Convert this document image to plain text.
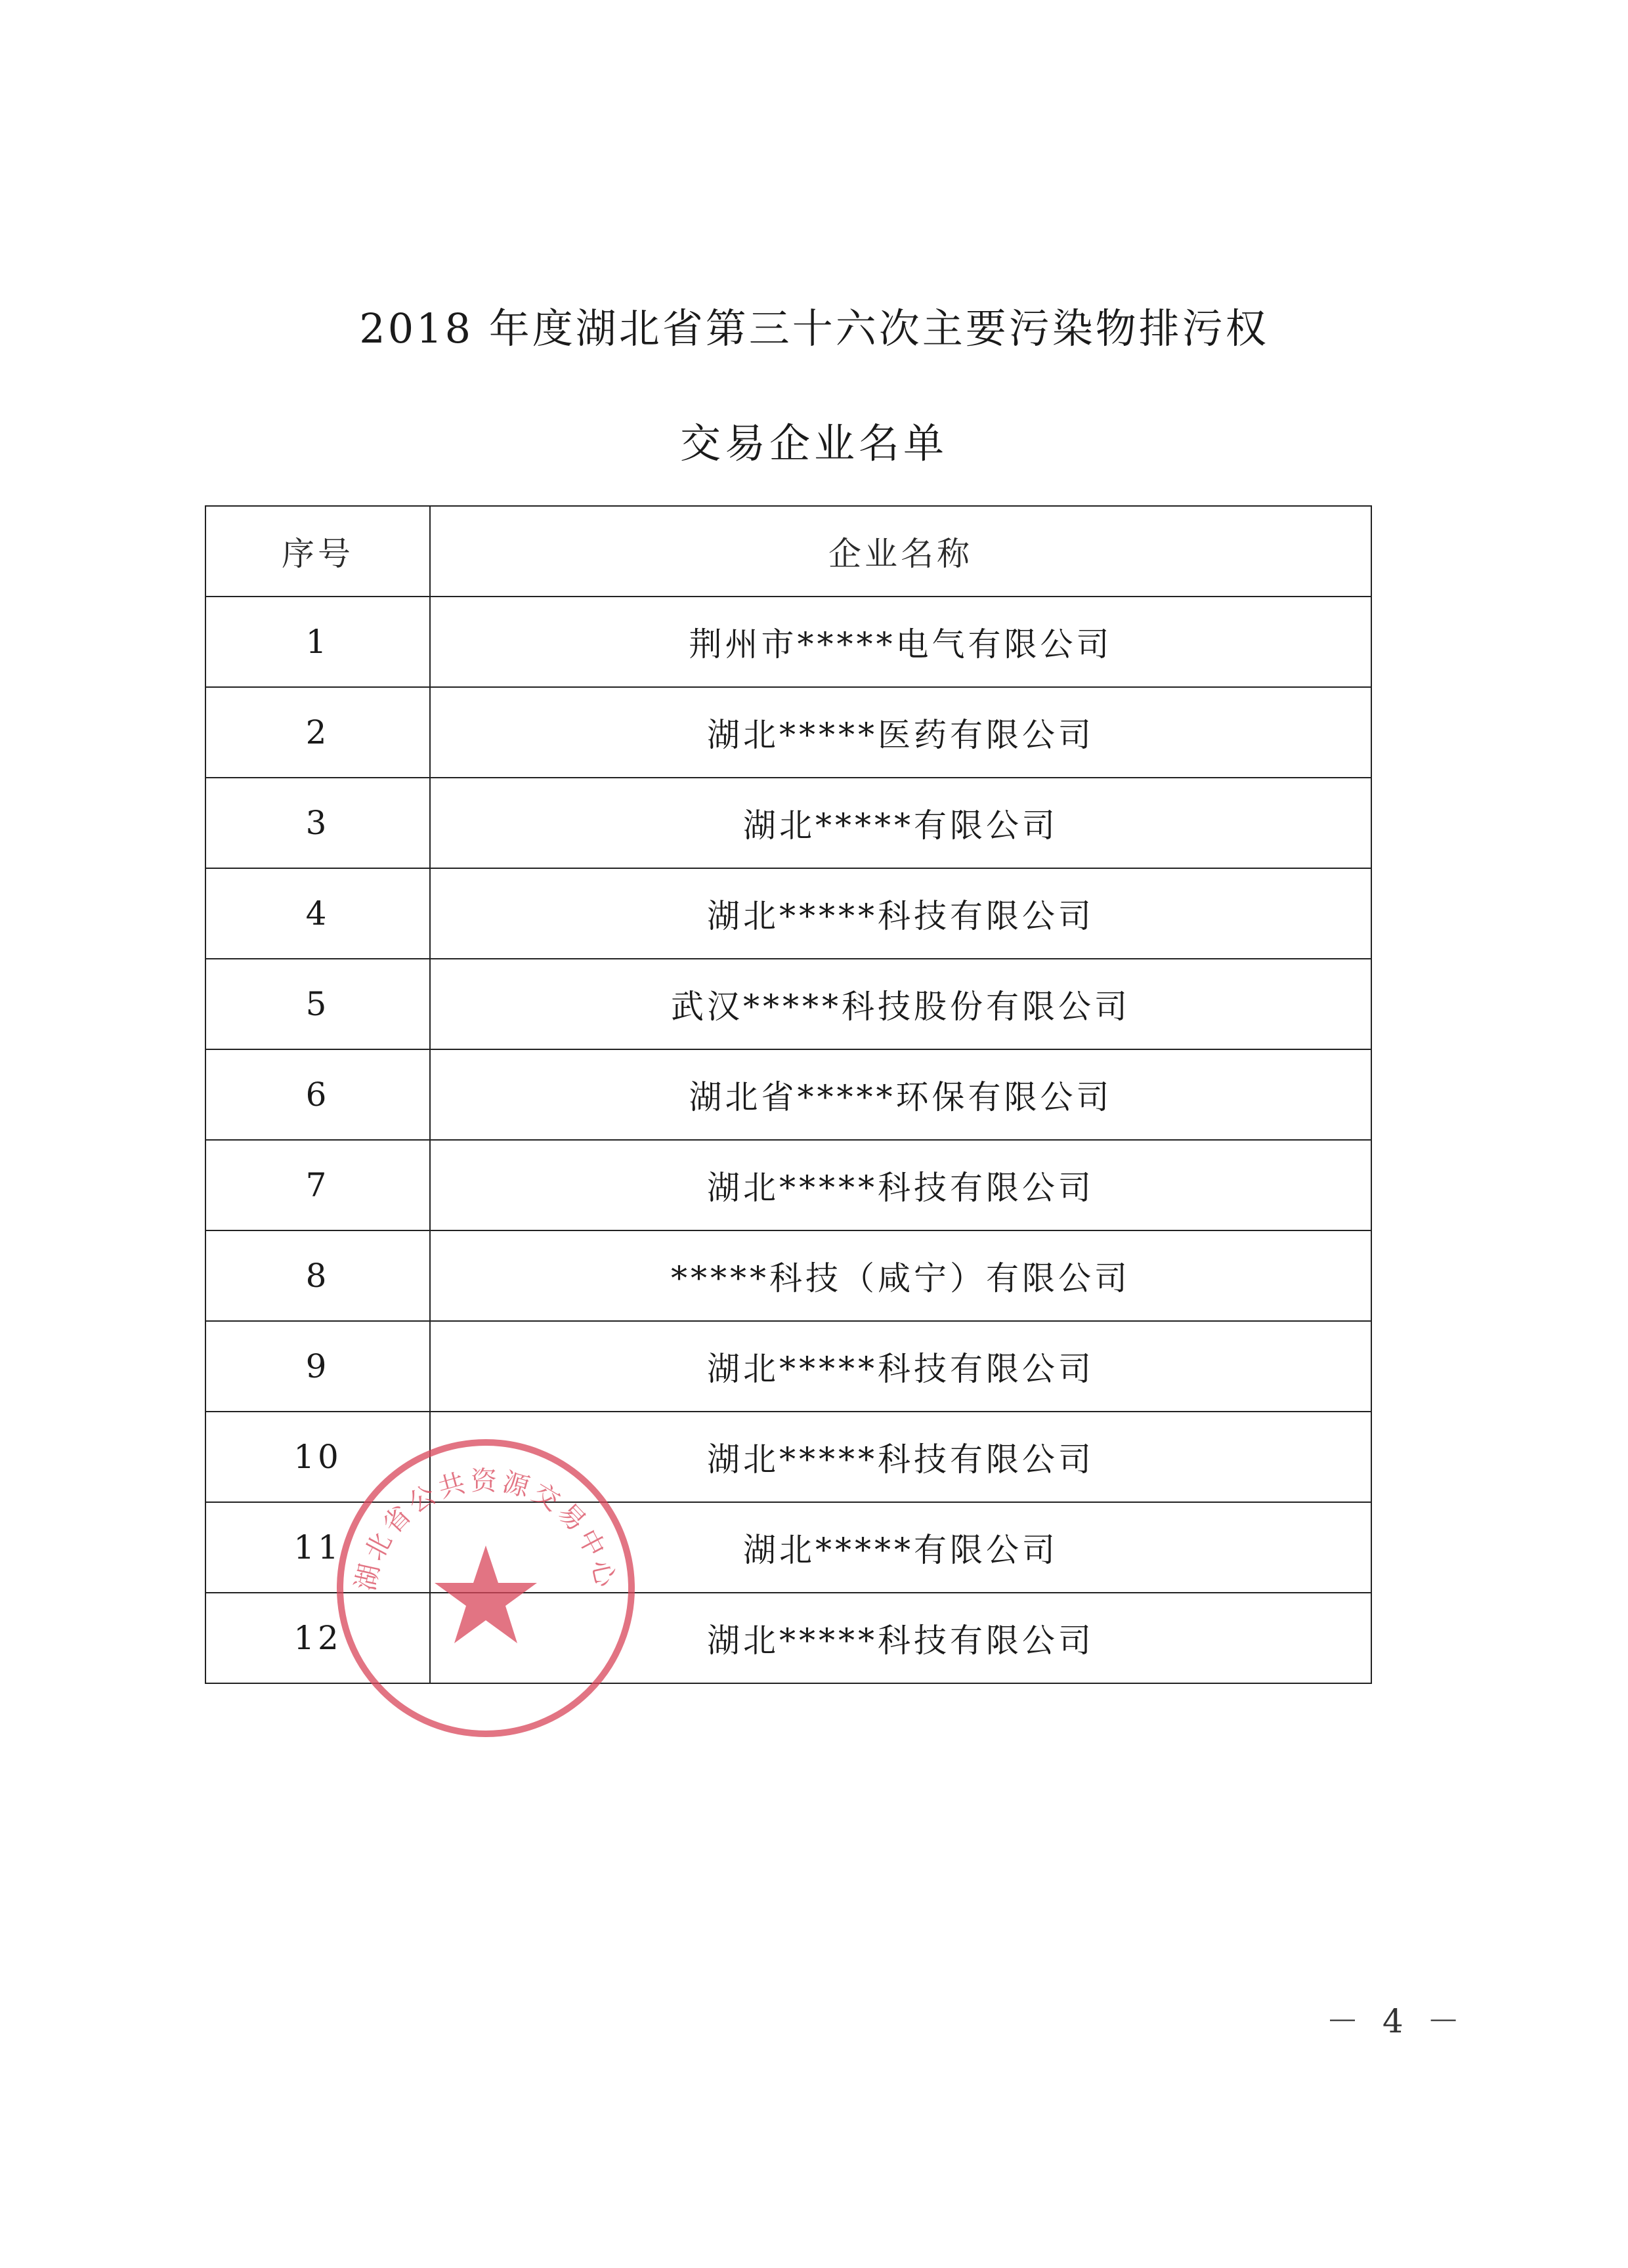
2018 年度湖北省第三十六次主要污染物排污权
交易企业名单
序号	企业名称
1	荆州市*****电气有限公司
2	湖北*****医药有限公司
3	湖北*****有限公司
4	湖北*****科技有限公司
5	武汉*****科技股份有限公司
6	湖北省*****环保有限公司
7	湖北*****科技有限公司
8	*****科技（咸宁）有限公司
9	湖北*****科技有限公司
10	湖北*****科技有限公司
11	湖北*****有限公司
12	湖北*****科技有限公司
湖北省公共资源交易中心
－ 4 －
